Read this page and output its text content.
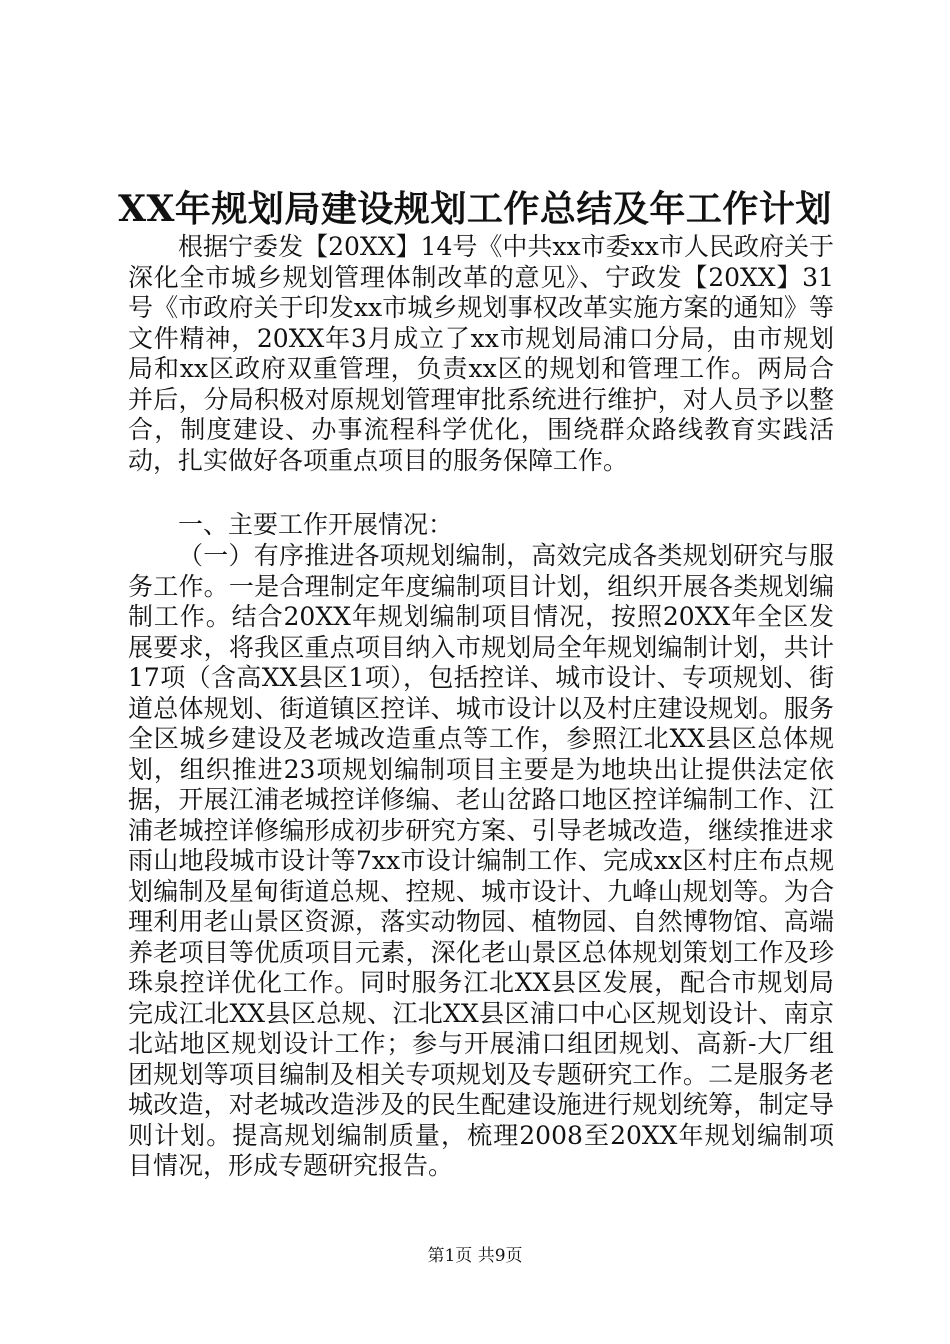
XX年规划局建设规划工作总结及年工作计划

根据宁委发【20XX】14号《中共xx市委xx市人民政府关于深化全市城乡规划管理体制改革的意见》、宁政发【20XX】31号《市政府关于印发xx市城乡规划事权改革实施方案的通知》等文件精神，20XX年3月成立了xx市规划局浦口分局，由市规划局和xx区政府双重管理，负责xx区的规划和管理工作。两局合并后，分局积极对原规划管理审批系统进行维护，对人员予以整合，制度建设、办事流程科学优化，围绕群众路线教育实践活动，扎实做好各项重点项目的服务保障工作。

一、主要工作开展情况：

（一）有序推进各项规划编制，高效完成各类规划研究与服务工作。一是合理制定年度编制项目计划，组织开展各类规划编制工作。结合20XX年规划编制项目情况，按照20XX年全区发展要求，将我区重点项目纳入市规划局全年规划编制计划，共计17项（含高XX县区1项），包括控详、城市设计、专项规划、街道总体规划、街道镇区控详、城市设计以及村庄建设规划。服务全区城乡建设及老城改造重点等工作，参照江北XX县区总体规划，组织推进23项规划编制项目主要是为地块出让提供法定依据，开展江浦老城控详修编、老山岔路口地区控详编制工作、江浦老城控详修编形成初步研究方案、引导老城改造，继续推进求雨山地段城市设计等7xx市设计编制工作、完成xx区村庄布点规划编制及星甸街道总规、控规、城市设计、九峰山规划等。为合理利用老山景区资源，落实动物园、植物园、自然博物馆、高端养老项目等优质项目元素，深化老山景区总体规划策划工作及珍珠泉控详优化工作。同时服务江北XX县区发展，配合市规划局完成江北XX县区总规、江北XX县区浦口中心区规划设计、南京北站地区规划设计工作；参与开展浦口组团规划、高新-大厂组团规划等项目编制及相关专项规划及专题研究工作。二是服务老城改造，对老城改造涉及的民生配建设施进行规划统筹，制定导则计划。提高规划编制质量，梳理2008至20XX年规划编制项目情况，形成专题研究报告。

第1页 共9页
